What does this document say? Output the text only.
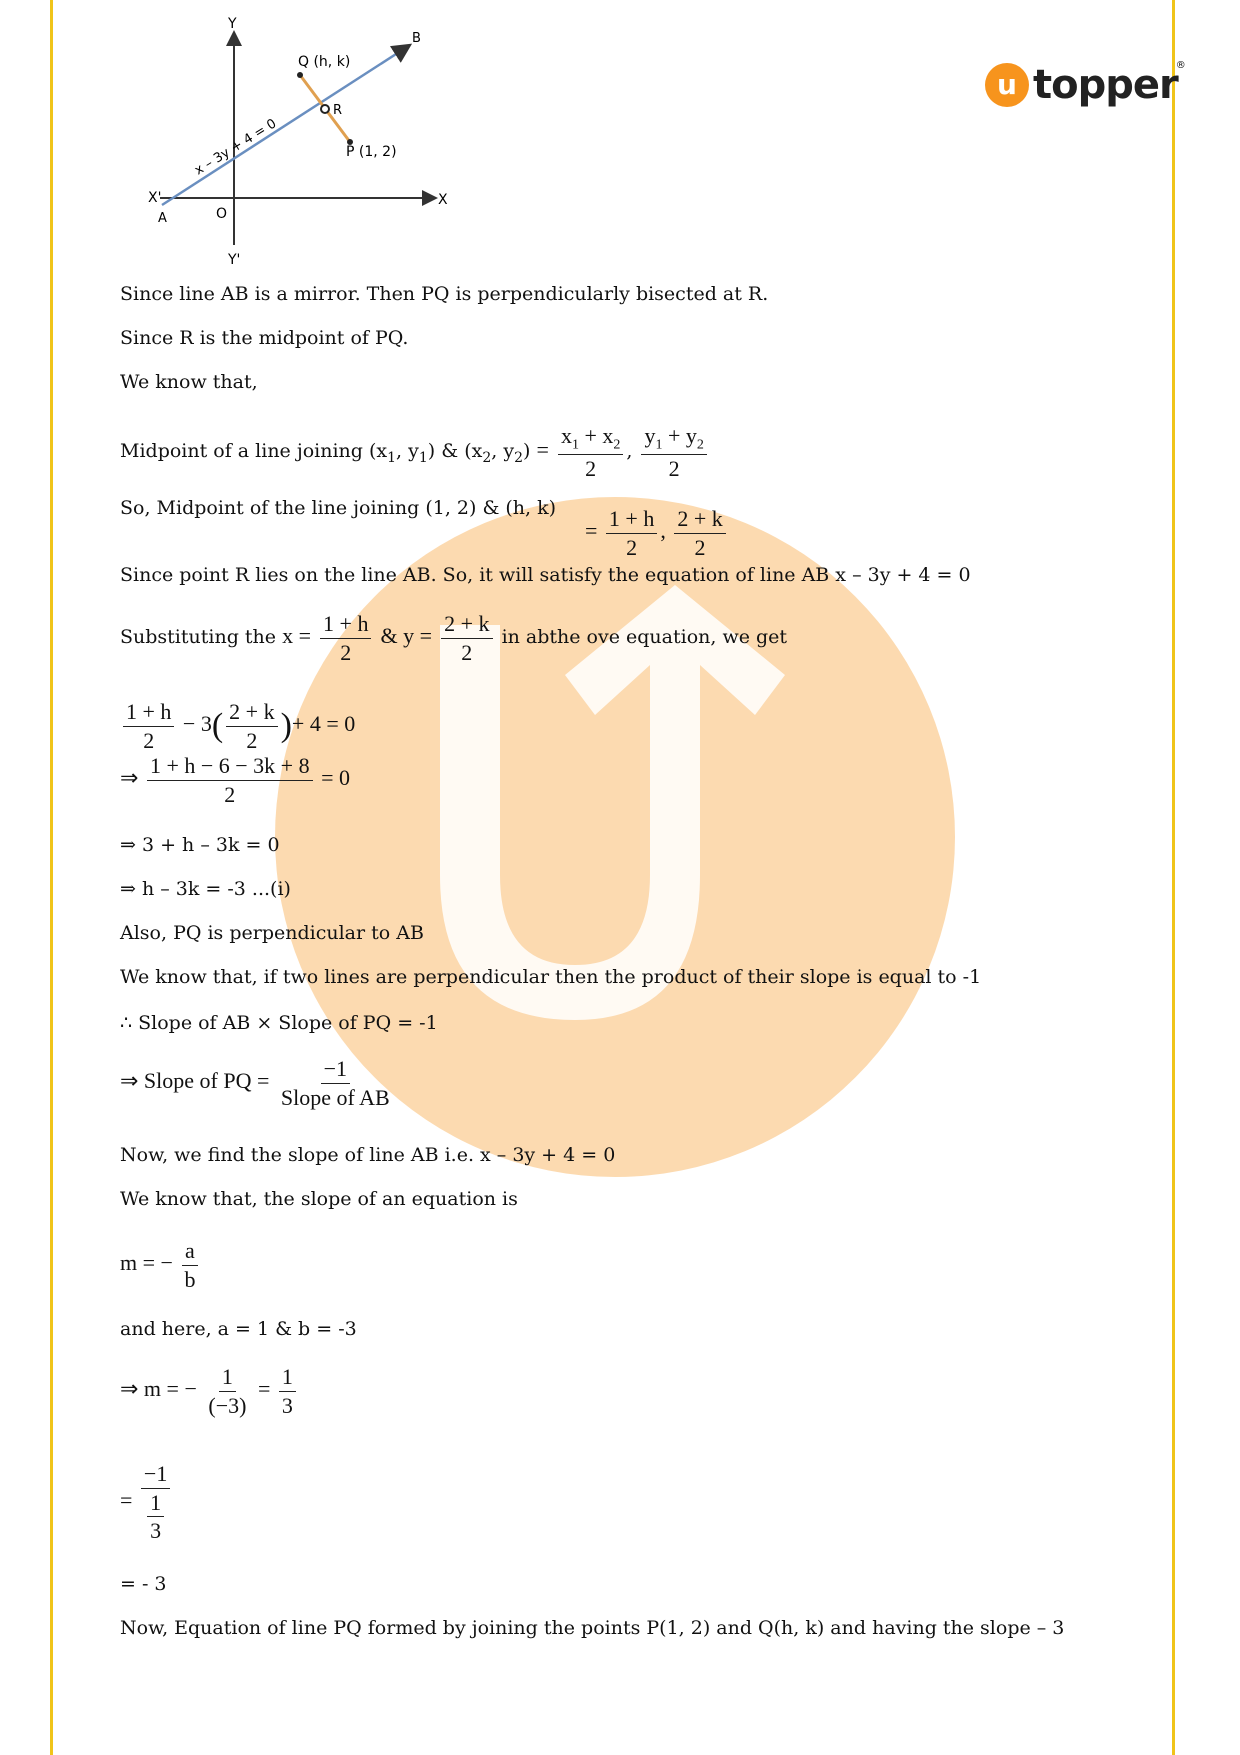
u topper
®
Y
Y'
X
X'
O
A
B
Q (h, k)
R
P (1, 2)
x – 3y + 4 = 0
Since line AB is a mirror. Then PQ is perpendicularly bisected at R.
Since R is the midpoint of PQ.
We know that,
Midpoint of a line joining ($x_1$, $y_1$) & ($x_2$, $y_2) = \frac{x_1 + x_2}{2}$ , $\frac{y_1 + y_2}{2}$
So, Midpoint of the line joining (1, 2) & (h, k)
= $\frac{1 + h}{2}$ , $\frac{2 + k}{2}$
Since point R lies on the line AB. So, it will satisfy the equation of line AB x – 3y + 4 = 0
Substituting the $x = \frac{1 + h}{2}$ & $y = \frac{2 + k}{2}$ in abthe ove equation, we get
$\frac{1 + h}{2} - 3( \frac{2 + k}{2}$ )+ 4 = 0
⇒ $\frac{1 + h - 6 - 3k + 8}{2} = 0$
⇒ 3 + h – 3k = 0
⇒ h – 3k = -3 ...(i)
Also, PQ is perpendicular to AB
We know that, if two lines are perpendicular then the product of their slope is equal to -1
∴ Slope of AB × Slope of PQ = -1
⇒ Slope of PQ = $\frac{-1}{\text{Slope of AB}}$
Now, we find the slope of line AB i.e. x – 3y + 4 = 0
We know that, the slope of an equation is
m = − $\frac{a}{b}$
and here, a = 1 & b = -3
⇒ m = − $\frac{1}{(-3)} = \frac{1}{3}$
= $\frac{-1}{\frac{1}{3}}$
= - 3
Now, Equation of line PQ formed by joining the points P(1, 2) and Q(h, k) and having the slope – 3
